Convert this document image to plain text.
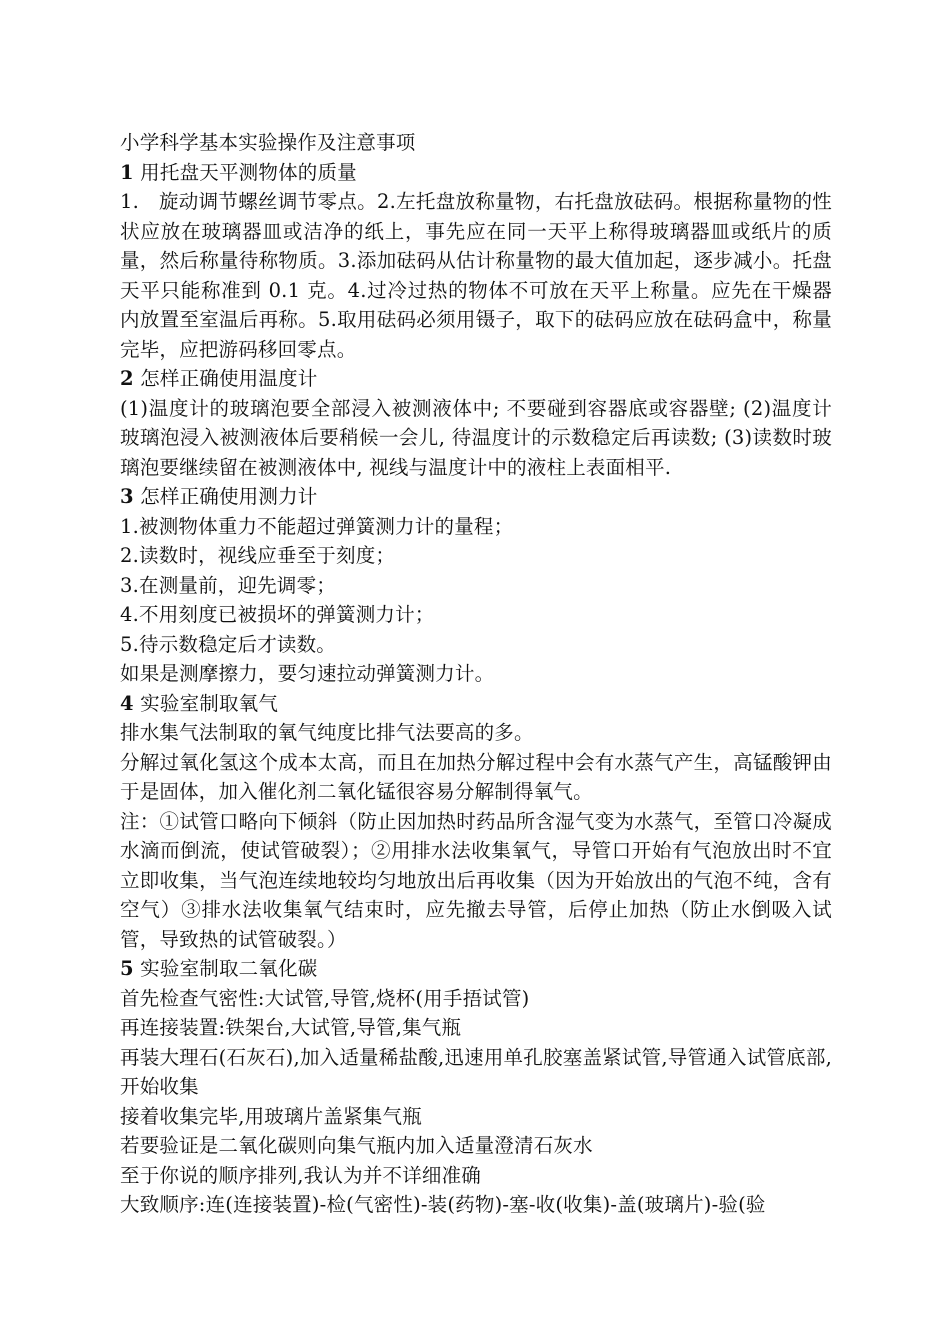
小学科学基本实验操作及注意事项
1 用托盘天平测物体的质量
1.　旋动调节螺丝调节零点。2.左托盘放称量物，右托盘放砝码。根据称量物的性状应放在玻璃器皿或洁净的纸上，事先应在同一天平上称得玻璃器皿或纸片的质量，然后称量待称物质。3.添加砝码从估计称量物的最大值加起，逐步减小。托盘天平只能称准到 0.1 克。4.过冷过热的物体不可放在天平上称量。应先在干燥器内放置至室温后再称。5.取用砝码必须用镊子，取下的砝码应放在砝码盒中，称量完毕，应把游码移回零点。
2 怎样正确使用温度计
(1)温度计的玻璃泡要全部浸入被测液体中; 不要碰到容器底或容器壁; (2)温度计玻璃泡浸入被测液体后要稍候一会儿, 待温度计的示数稳定后再读数; (3)读数时玻璃泡要继续留在被测液体中, 视线与温度计中的液柱上表面相平.
3 怎样正确使用测力计
1.被测物体重力不能超过弹簧测力计的量程；
2.读数时，视线应垂至于刻度；
3.在测量前，迎先调零；
4.不用刻度已被损坏的弹簧测力计；
5.待示数稳定后才读数。
如果是测摩擦力，要匀速拉动弹簧测力计。
4 实验室制取氧气
排水集气法制取的氧气纯度比排气法要高的多。
分解过氧化氢这个成本太高，而且在加热分解过程中会有水蒸气产生，高锰酸钾由于是固体，加入催化剂二氧化锰很容易分解制得氧气。
注：①试管口略向下倾斜（防止因加热时药品所含湿气变为水蒸气，至管口冷凝成水滴而倒流，使试管破裂）；②用排水法收集氧气，导管口开始有气泡放出时不宜立即收集，当气泡连续地较均匀地放出后再收集（因为开始放出的气泡不纯，含有空气）③排水法收集氧气结束时，应先撤去导管，后停止加热（防止水倒吸入试管，导致热的试管破裂。）
5 实验室制取二氧化碳
首先检查气密性:大试管,导管,烧杯(用手捂试管)
再连接装置:铁架台,大试管,导管,集气瓶
再装大理石(石灰石),加入适量稀盐酸,迅速用单孔胶塞盖紧试管,导管通入试管底部,开始收集
接着收集完毕,用玻璃片盖紧集气瓶
若要验证是二氧化碳则向集气瓶内加入适量澄清石灰水
至于你说的顺序排列,我认为并不详细准确
大致顺序:连(连接装置)-检(气密性)-装(药物)-塞-收(收集)-盖(玻璃片)-验(验
